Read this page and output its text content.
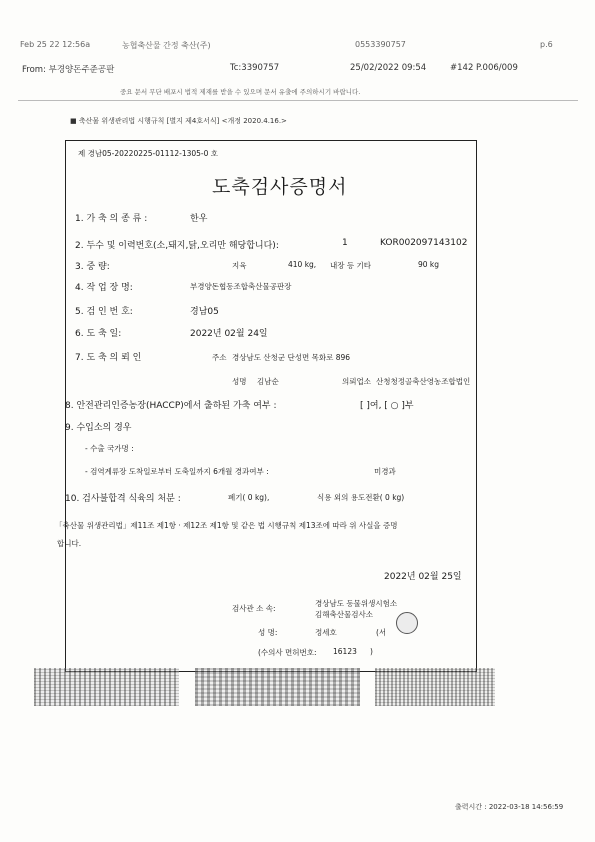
Feb 25 22 12:56a	농협축산물 간정 축산(주)	0553390757	p.6
From: 부경양돈주준공판	Tc:3390757	25/02/2022 09:54	#142 P.006/009
중요 문서 무단 배포시 법적 제재를 받을 수 있으며 문서 유출에 주의하시기 바랍니다.
■ 축산물 위생관리법 시행규칙 [별지 제4호서식] <개정 2020.4.16.>
제 경남05-20220225-01112-1305-0 호
도축검사증명서
1. 가 축 의 종 류 :	한우
2. 두수 및 이력번호(소,돼지,닭,오리만 해당합니다):	1	KOR002097143102
3. 중 량:	지육	410 kg, 내장 등 기타	90 kg
4. 작 업 장 명:	부경양돈협동조합축산물공판장
5. 검 인 번 호:	경남05
6. 도 축 일:	2022년 02월 24일
7. 도 축 의 뢰 인	주소 경상남도 산청군 단성면 목화로 896
성명 김남순	의뢰업소 산청청정골축산영농조합법인
8. 안전관리인증농장(HACCP)에서 출하된 가축 여부 :	[ ]여, [ ○ ]부
9. 수입소의 경우
- 수출 국가명 :
- 검역계류장 도착일로부터 도축일까지 6개월 경과여부 :	미경과
10. 검사불합격 식육의 처분 :	폐기( 0 kg),	식용 외의 용도전환( 0 kg)
「축산물 위생관리법」제11조 제1항 · 제12조 제1항 및 같은 법 시행규칙 제13조에 따라 위 사실을 증명
합니다.
2022년 02월 25일
검사관 소 속:
경상남도 동물위생시험소
김해축산물검사소
성 명:	정세호	(서
(수의사 면허번호: 16123 )
출력시간 : 2022-03-18 14:56:59
